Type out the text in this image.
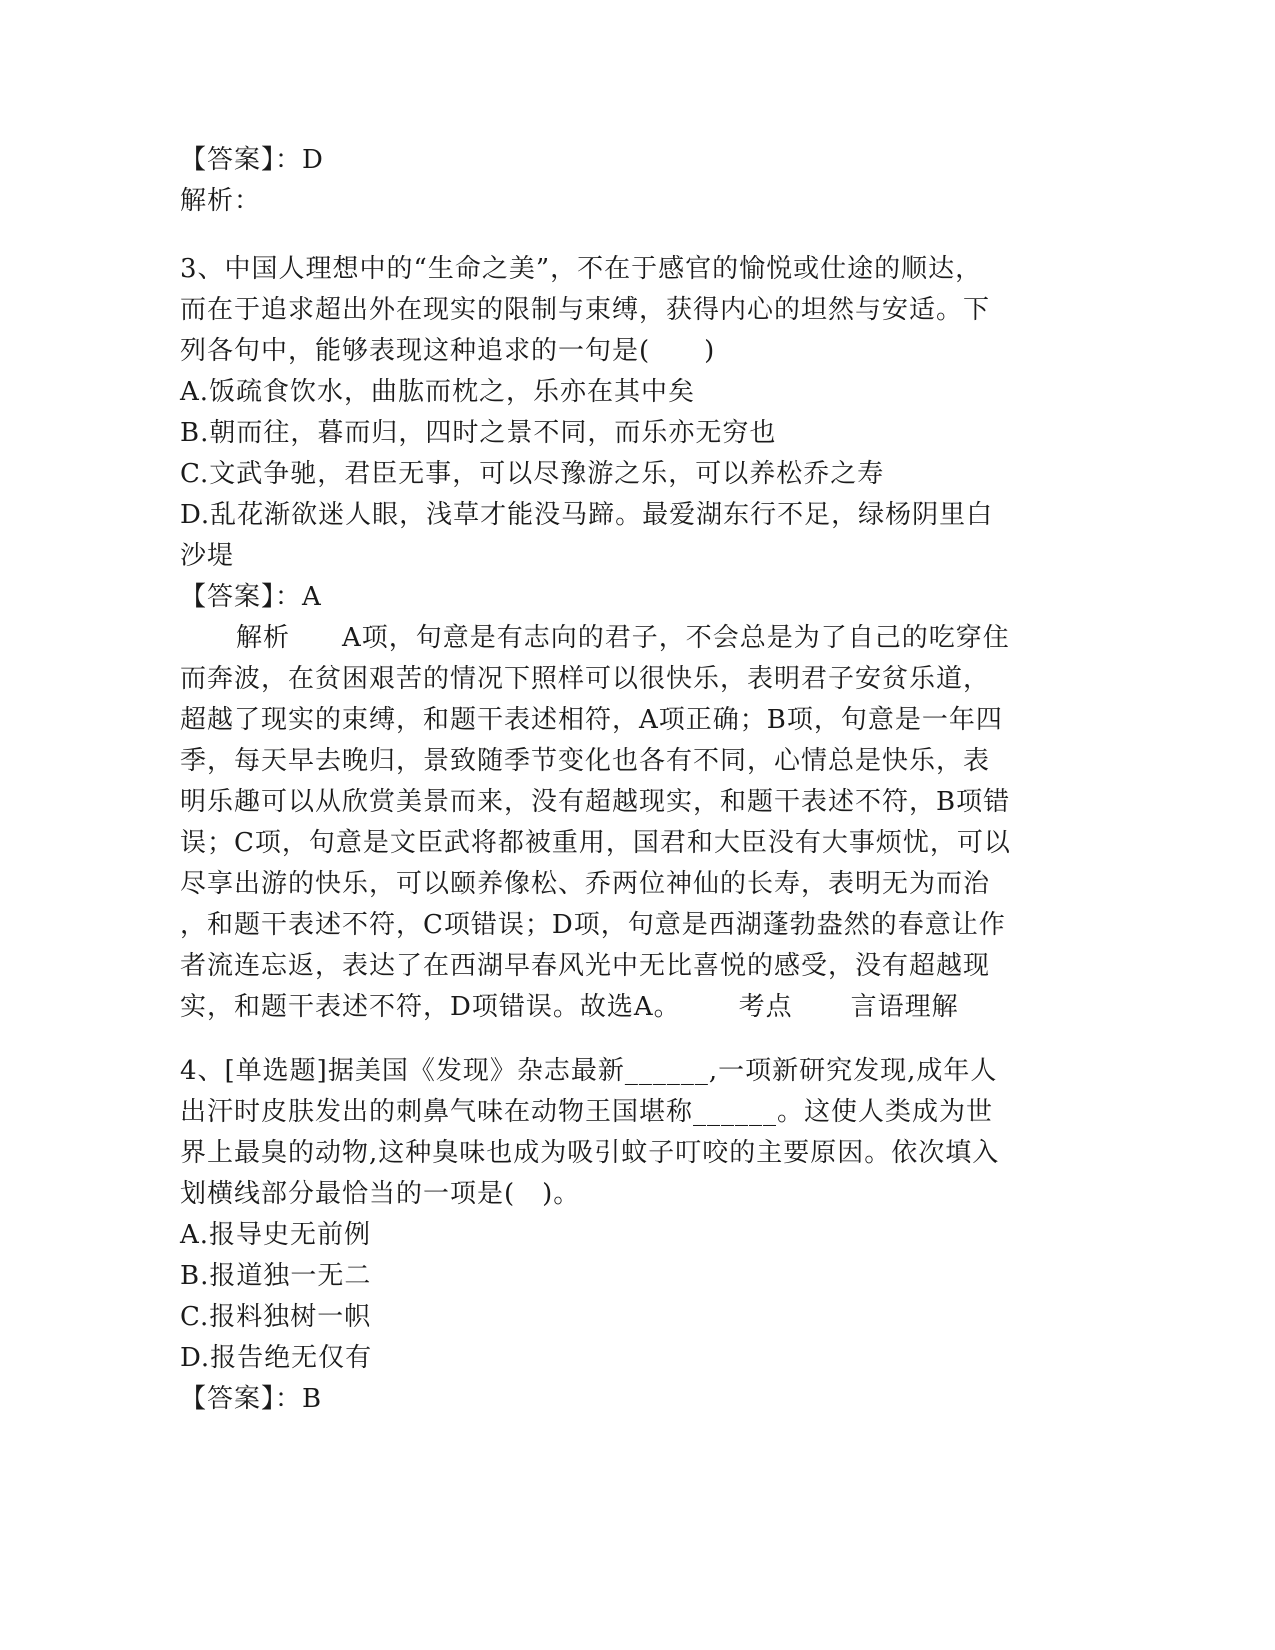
【答案】：D
解析：
3、中国人理想中的“生命之美”，不在于感官的愉悦或仕途的顺达，
而在于追求超出外在现实的限制与束缚，获得内心的坦然与安适。下
列各句中，能够表现这种追求的一句是(　　)
A.饭疏食饮水，曲肱而枕之，乐亦在其中矣
B.朝而往，暮而归，四时之景不同，而乐亦无穷也
C.文武争驰，君臣无事，可以尽豫游之乐，可以养松乔之寿
D.乱花渐欲迷人眼，浅草才能没马蹄。最爱湖东行不足，绿杨阴里白
沙堤
【答案】：A
解析 A项，句意是有志向的君子，不会总是为了自己的吃穿住
而奔波，在贫困艰苦的情况下照样可以很快乐，表明君子安贫乐道，
超越了现实的束缚，和题干表述相符，A项正确；B项，句意是一年四
季，每天早去晚归，景致随季节变化也各有不同，心情总是快乐，表
明乐趣可以从欣赏美景而来，没有超越现实，和题干表述不符，B项错
误；C项，句意是文臣武将都被重用，国君和大臣没有大事烦忧，可以
尽享出游的快乐，可以颐养像松、乔两位神仙的长寿，表明无为而治
，和题干表述不符，C项错误；D项，句意是西湖蓬勃盎然的春意让作
者流连忘返，表达了在西湖早春风光中无比喜悦的感受，没有超越现
实，和题干表述不符，D项错误。故选A。 考点 言语理解
4、[单选题]据美国《发现》杂志最新______,一项新研究发现,成年人
出汗时皮肤发出的刺鼻气味在动物王国堪称______。这使人类成为世
界上最臭的动物,这种臭味也成为吸引蚊子叮咬的主要原因。依次填入
划横线部分最恰当的一项是(　)。
A.报导史无前例
B.报道独一无二
C.报料独树一帜
D.报告绝无仅有
【答案】：B
